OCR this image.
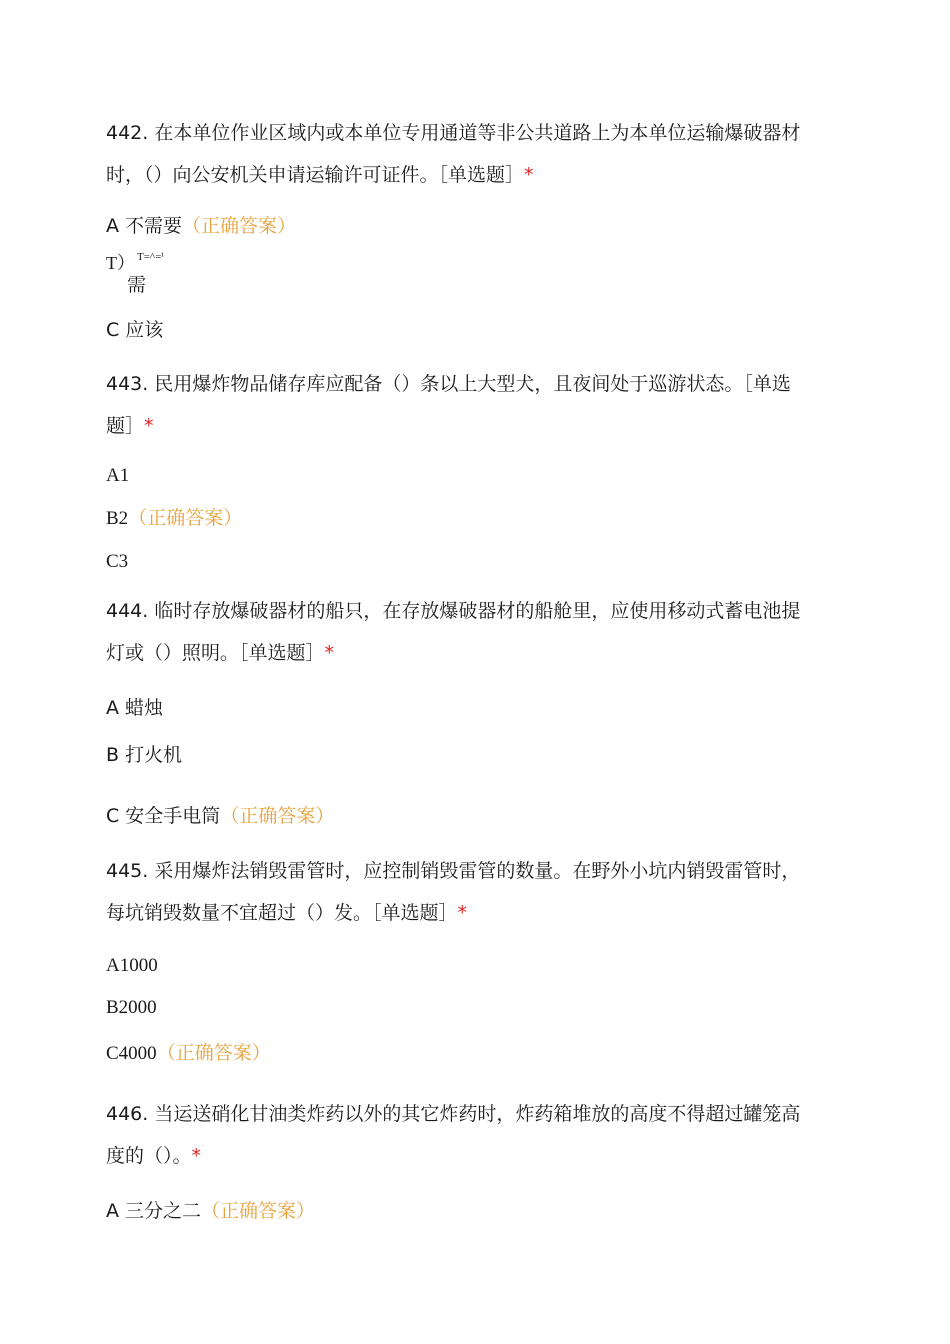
442. 在本单位作业区域内或本单位专用通道等非公共道路上为本单位运输爆破器材
时，（）向公安机关申请运输许可证件。［单选题］*
A 不需要（正确答案）
T） T=^=ⁱ
需
C 应该
443. 民用爆炸物品储存库应配备（）条以上大型犬，且夜间处于巡游状态。［单选
题］*
A1
B2（正确答案）
C3
444. 临时存放爆破器材的船只，在存放爆破器材的船舱里，应使用移动式蓄电池提
灯或（）照明。［单选题］*
A 蜡烛
B 打火机
C 安全手电筒（正确答案）
445. 采用爆炸法销毁雷管时，应控制销毁雷管的数量。在野外小坑内销毁雷管时，
每坑销毁数量不宜超过（）发。［单选题］*
A1000
B2000
C4000（正确答案）
446. 当运送硝化甘油类炸药以外的其它炸药时，炸药箱堆放的高度不得超过罐笼高
度的（）。*
A 三分之二（正确答案）
